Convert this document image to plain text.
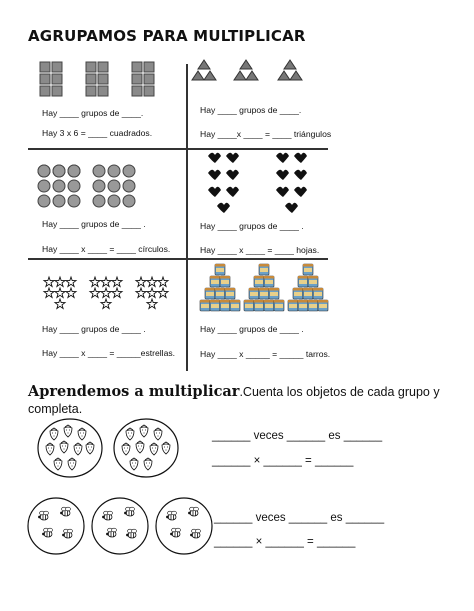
AGRUPAMOS PARA MULTIPLICAR
Hay ____ grupos de ____.
Hay 3 x 6 = ____ cuadrados.
Hay ____ grupos de ____.
Hay ____x ____ = ____ triángulos
Hay ____ grupos de ____ .
Hay ____ x ____ = ____ círculos.
Hay ____ grupos de ____ .
Hay ____ x ____ = ____ hojas.
Hay ____ grupos de ____ .
Hay ____ x ____ = _____estrellas.
Hay ____ grupos de ____ .
Hay ____ x _____ = _____ tarros.
Aprendemos a multiplicar.Cuenta los objetos de cada grupo y
completa.
______ veces ______ es ______
______ × ______ = ______
______ veces ______ es ______
______ × ______ = ______
